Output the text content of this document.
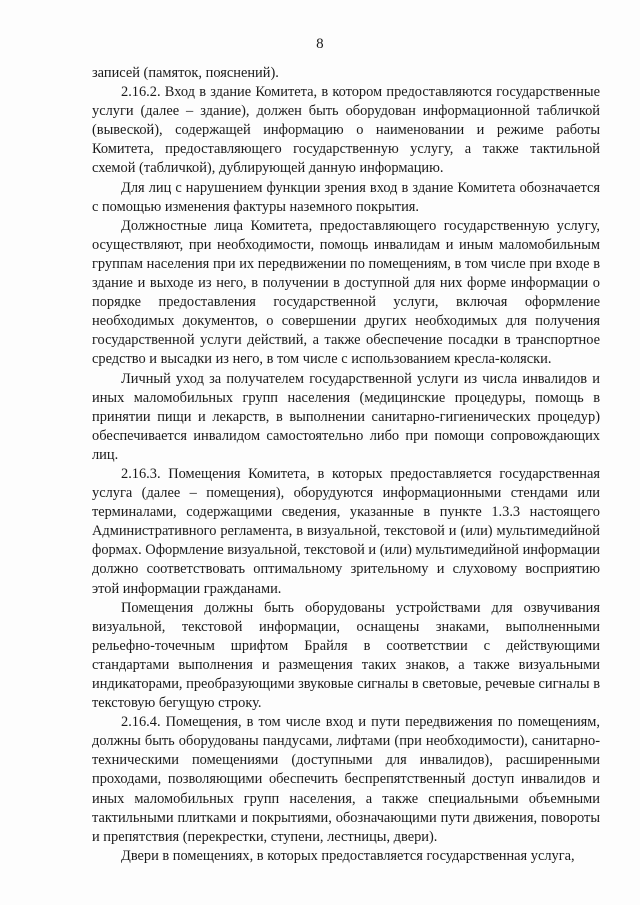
8

записей (памяток, пояснений).

2.16.2. Вход в здание Комитета, в котором предоставляются государственные услуги (далее – здание), должен быть оборудован информационной табличкой (вывеской), содержащей информацию о наименовании и режиме работы Комитета, предоставляющего государственную услугу, а также тактильной схемой (табличкой), дублирующей данную информацию.

Для лиц с нарушением функции зрения вход в здание Комитета обозначается с помощью изменения фактуры наземного покрытия.

Должностные лица Комитета, предоставляющего государственную услугу, осуществляют, при необходимости, помощь инвалидам и иным маломобильным группам населения при их передвижении по помещениям, в том числе при входе в здание и выходе из него, в получении в доступной для них форме информации о порядке предоставления государственной услуги, включая оформление необходимых документов, о совершении других необходимых для получения государственной услуги действий, а также обеспечение посадки в транспортное средство и высадки из него, в том числе с использованием кресла-коляски.

Личный уход за получателем государственной услуги из числа инвалидов и иных маломобильных групп населения (медицинские процедуры, помощь в принятии пищи и лекарств, в выполнении санитарно-гигиенических процедур) обеспечивается инвалидом самостоятельно либо при помощи сопровождающих лиц.

2.16.3. Помещения Комитета, в которых предоставляется государственная услуга (далее – помещения), оборудуются информационными стендами или терминалами, содержащими сведения, указанные в пункте 1.3.3 настоящего Административного регламента, в визуальной, текстовой и (или) мультимедийной формах. Оформление визуальной, текстовой и (или) мультимедийной информации должно соответствовать оптимальному зрительному и слуховому восприятию этой информации гражданами.

Помещения должны быть оборудованы устройствами для озвучивания визуальной, текстовой информации, оснащены знаками, выполненными рельефно-точечным шрифтом Брайля в соответствии с действующими стандартами выполнения и размещения таких знаков, а также визуальными индикаторами, преобразующими звуковые сигналы в световые, речевые сигналы в текстовую бегущую строку.

2.16.4. Помещения, в том числе вход и пути передвижения по помещениям, должны быть оборудованы пандусами, лифтами (при необходимости), санитарно-техническими помещениями (доступными для инвалидов), расширенными проходами, позволяющими обеспечить беспрепятственный доступ инвалидов и иных маломобильных групп населения, а также специальными объемными тактильными плитками и покрытиями, обозначающими пути движения, повороты и препятствия (перекрестки, ступени, лестницы, двери).

Двери в помещениях, в которых предоставляется государственная услуга,
